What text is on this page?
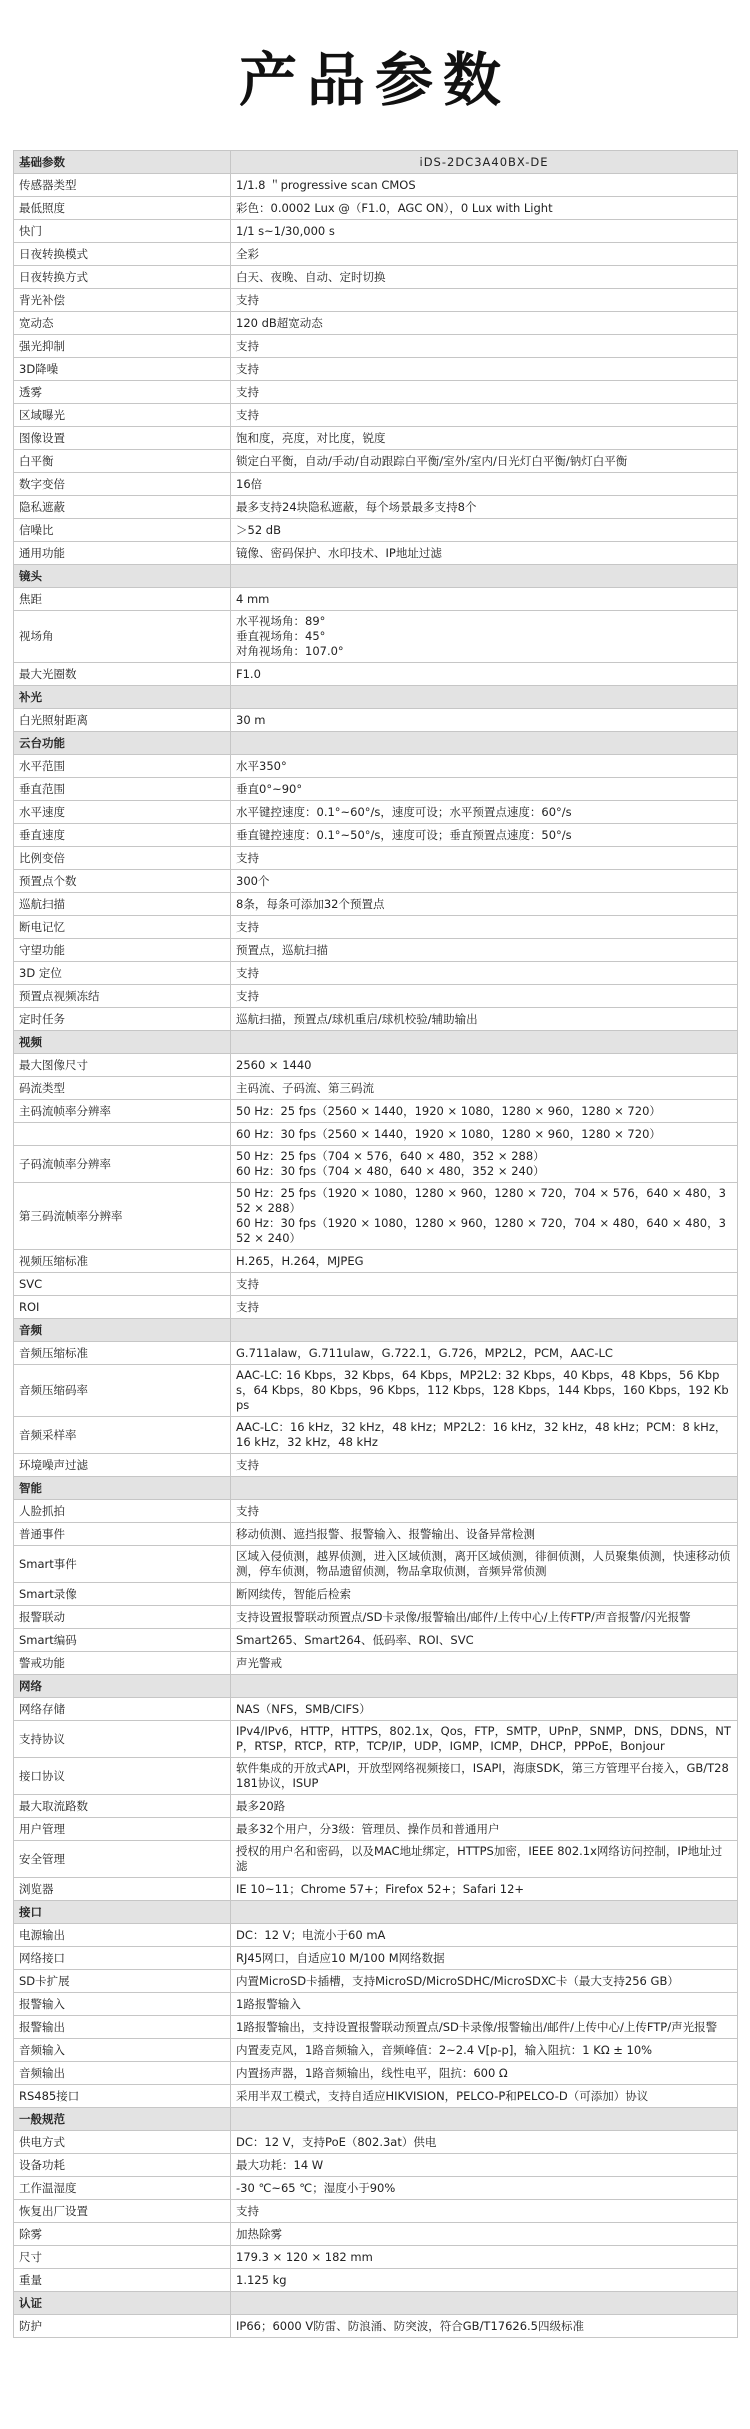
产品参数
基础参数	iDS-2DC3A40BX-DE
传感器类型	1/1.8 ＂progressive scan CMOS
最低照度	彩色：0.0002 Lux @（F1.0，AGC ON），0 Lux with Light
快门	1/1 s~1/30,000 s
日夜转换模式	全彩
日夜转换方式	白天、夜晚、自动、定时切换
背光补偿	支持
宽动态	120 dB超宽动态
强光抑制	支持
3D降噪	支持
透雾	支持
区域曝光	支持
图像设置	饱和度，亮度，对比度，锐度
白平衡	锁定白平衡，自动/手动/自动跟踪白平衡/室外/室内/日光灯白平衡/钠灯白平衡
数字变倍	16倍
隐私遮蔽	最多支持24块隐私遮蔽，每个场景最多支持8个
信噪比	＞52 dB
通用功能	镜像、密码保护、水印技术、IP地址过滤
镜头	
焦距	4 mm
视场角	水平视场角：89°
垂直视场角：45°
对角视场角：107.0°

最大光圈数	F1.0
补光	
白光照射距离	30 m
云台功能	
水平范围	水平350°
垂直范围	垂直0°~90°
水平速度	水平键控速度：0.1°~60°/s，速度可设；水平预置点速度：60°/s
垂直速度	垂直键控速度：0.1°~50°/s，速度可设；垂直预置点速度：50°/s
比例变倍	支持
预置点个数	300个
巡航扫描	8条，每条可添加32个预置点
断电记忆	支持
守望功能	预置点，巡航扫描
3D 定位	支持
预置点视频冻结	支持
定时任务	巡航扫描，预置点/球机重启/球机校验/辅助输出
视频	
最大图像尺寸	2560 × 1440
码流类型	主码流、子码流、第三码流
主码流帧率分辨率	50 Hz：25 fps（2560 × 1440，1920 × 1080，1280 × 960，1280 × 720）
	60 Hz：30 fps（2560 × 1440，1920 × 1080，1280 × 960，1280 × 720）
子码流帧率分辨率	50 Hz：25 fps（704 × 576，640 × 480，352 × 288）
60 Hz：30 fps（704 × 480，640 × 480，352 × 240）

第三码流帧率分辨率	50 Hz：25 fps（1920 × 1080，1280 × 960，1280 × 720，704 × 576，640 × 480，352 × 288）
60 Hz：30 fps（1920 × 1080，1280 × 960，1280 × 720，704 × 480，640 × 480，352 × 240）

视频压缩标准	H.265，H.264，MJPEG
SVC	支持
ROI	支持
音频	
音频压缩标准	G.711alaw，G.711ulaw，G.722.1，G.726，MP2L2，PCM，AAC-LC
音频压缩码率	AAC-LC: 16 Kbps，32 Kbps，64 Kbps，MP2L2: 32 Kbps，40 Kbps，48 Kbps，56 Kbps，64 Kbps，80 Kbps，96 Kbps，112 Kbps，128 Kbps，144 Kbps，160 Kbps，192 Kbps
音频采样率	AAC-LC：16 kHz，32 kHz，48 kHz；MP2L2：16 kHz，32 kHz，48 kHz；PCM：8 kHz，16 kHz，32 kHz，48 kHz
环境噪声过滤	支持
智能	
人脸抓拍	支持
普通事件	移动侦测、遮挡报警、报警输入、报警输出、设备异常检测
Smart事件	区域入侵侦测，越界侦测，进入区域侦测，离开区域侦测，徘徊侦测，人员聚集侦测，快速移动侦测，停车侦测，物品遗留侦测，物品拿取侦测，音频异常侦测
Smart录像	断网续传，智能后检索
报警联动	支持设置报警联动预置点/SD卡录像/报警输出/邮件/上传中心/上传FTP/声音报警/闪光报警
Smart编码	Smart265、Smart264、低码率、ROI、SVC
警戒功能	声光警戒
网络	
网络存储	NAS（NFS，SMB/CIFS）
支持协议	IPv4/IPv6，HTTP，HTTPS，802.1x，Qos，FTP，SMTP，UPnP，SNMP，DNS，DDNS，NTP，RTSP，RTCP，RTP，TCP/IP，UDP，IGMP，ICMP，DHCP，PPPoE，Bonjour
接口协议	软件集成的开放式API，开放型网络视频接口，ISAPI，海康SDK，第三方管理平台接入，GB/T28181协议，ISUP
最大取流路数	最多20路
用户管理	最多32个用户，分3级：管理员、操作员和普通用户
安全管理	授权的用户名和密码，以及MAC地址绑定，HTTPS加密，IEEE 802.1x网络访问控制，IP地址过滤
浏览器	IE 10~11；Chrome 57+；Firefox 52+；Safari 12+
接口	
电源输出	DC：12 V；电流小于60 mA
网络接口	RJ45网口，自适应10 M/100 M网络数据
SD卡扩展	内置MicroSD卡插槽，支持MicroSD/MicroSDHC/MicroSDXC卡（最大支持256 GB）
报警输入	1路报警输入
报警输出	1路报警输出，支持设置报警联动预置点/SD卡录像/报警输出/邮件/上传中心/上传FTP/声光报警
音频输入	内置麦克风，1路音频输入，音频峰值：2~2.4 V[p-p]，输入阻抗：1 KΩ ± 10%
音频输出	内置扬声器，1路音频输出，线性电平，阻抗：600 Ω
RS485接口	采用半双工模式，支持自适应HIKVISION，PELCO-P和PELCO-D（可添加）协议
一般规范	
供电方式	DC：12 V，支持PoE（802.3at）供电
设备功耗	最大功耗：14 W
工作温湿度	-30 ℃~65 ℃；湿度小于90%
恢复出厂设置	支持
除雾	加热除雾
尺寸	179.3 × 120 × 182 mm
重量	1.125 kg
认证	
防护	IP66；6000 V防雷、防浪涌、防突波，符合GB/T17626.5四级标准
